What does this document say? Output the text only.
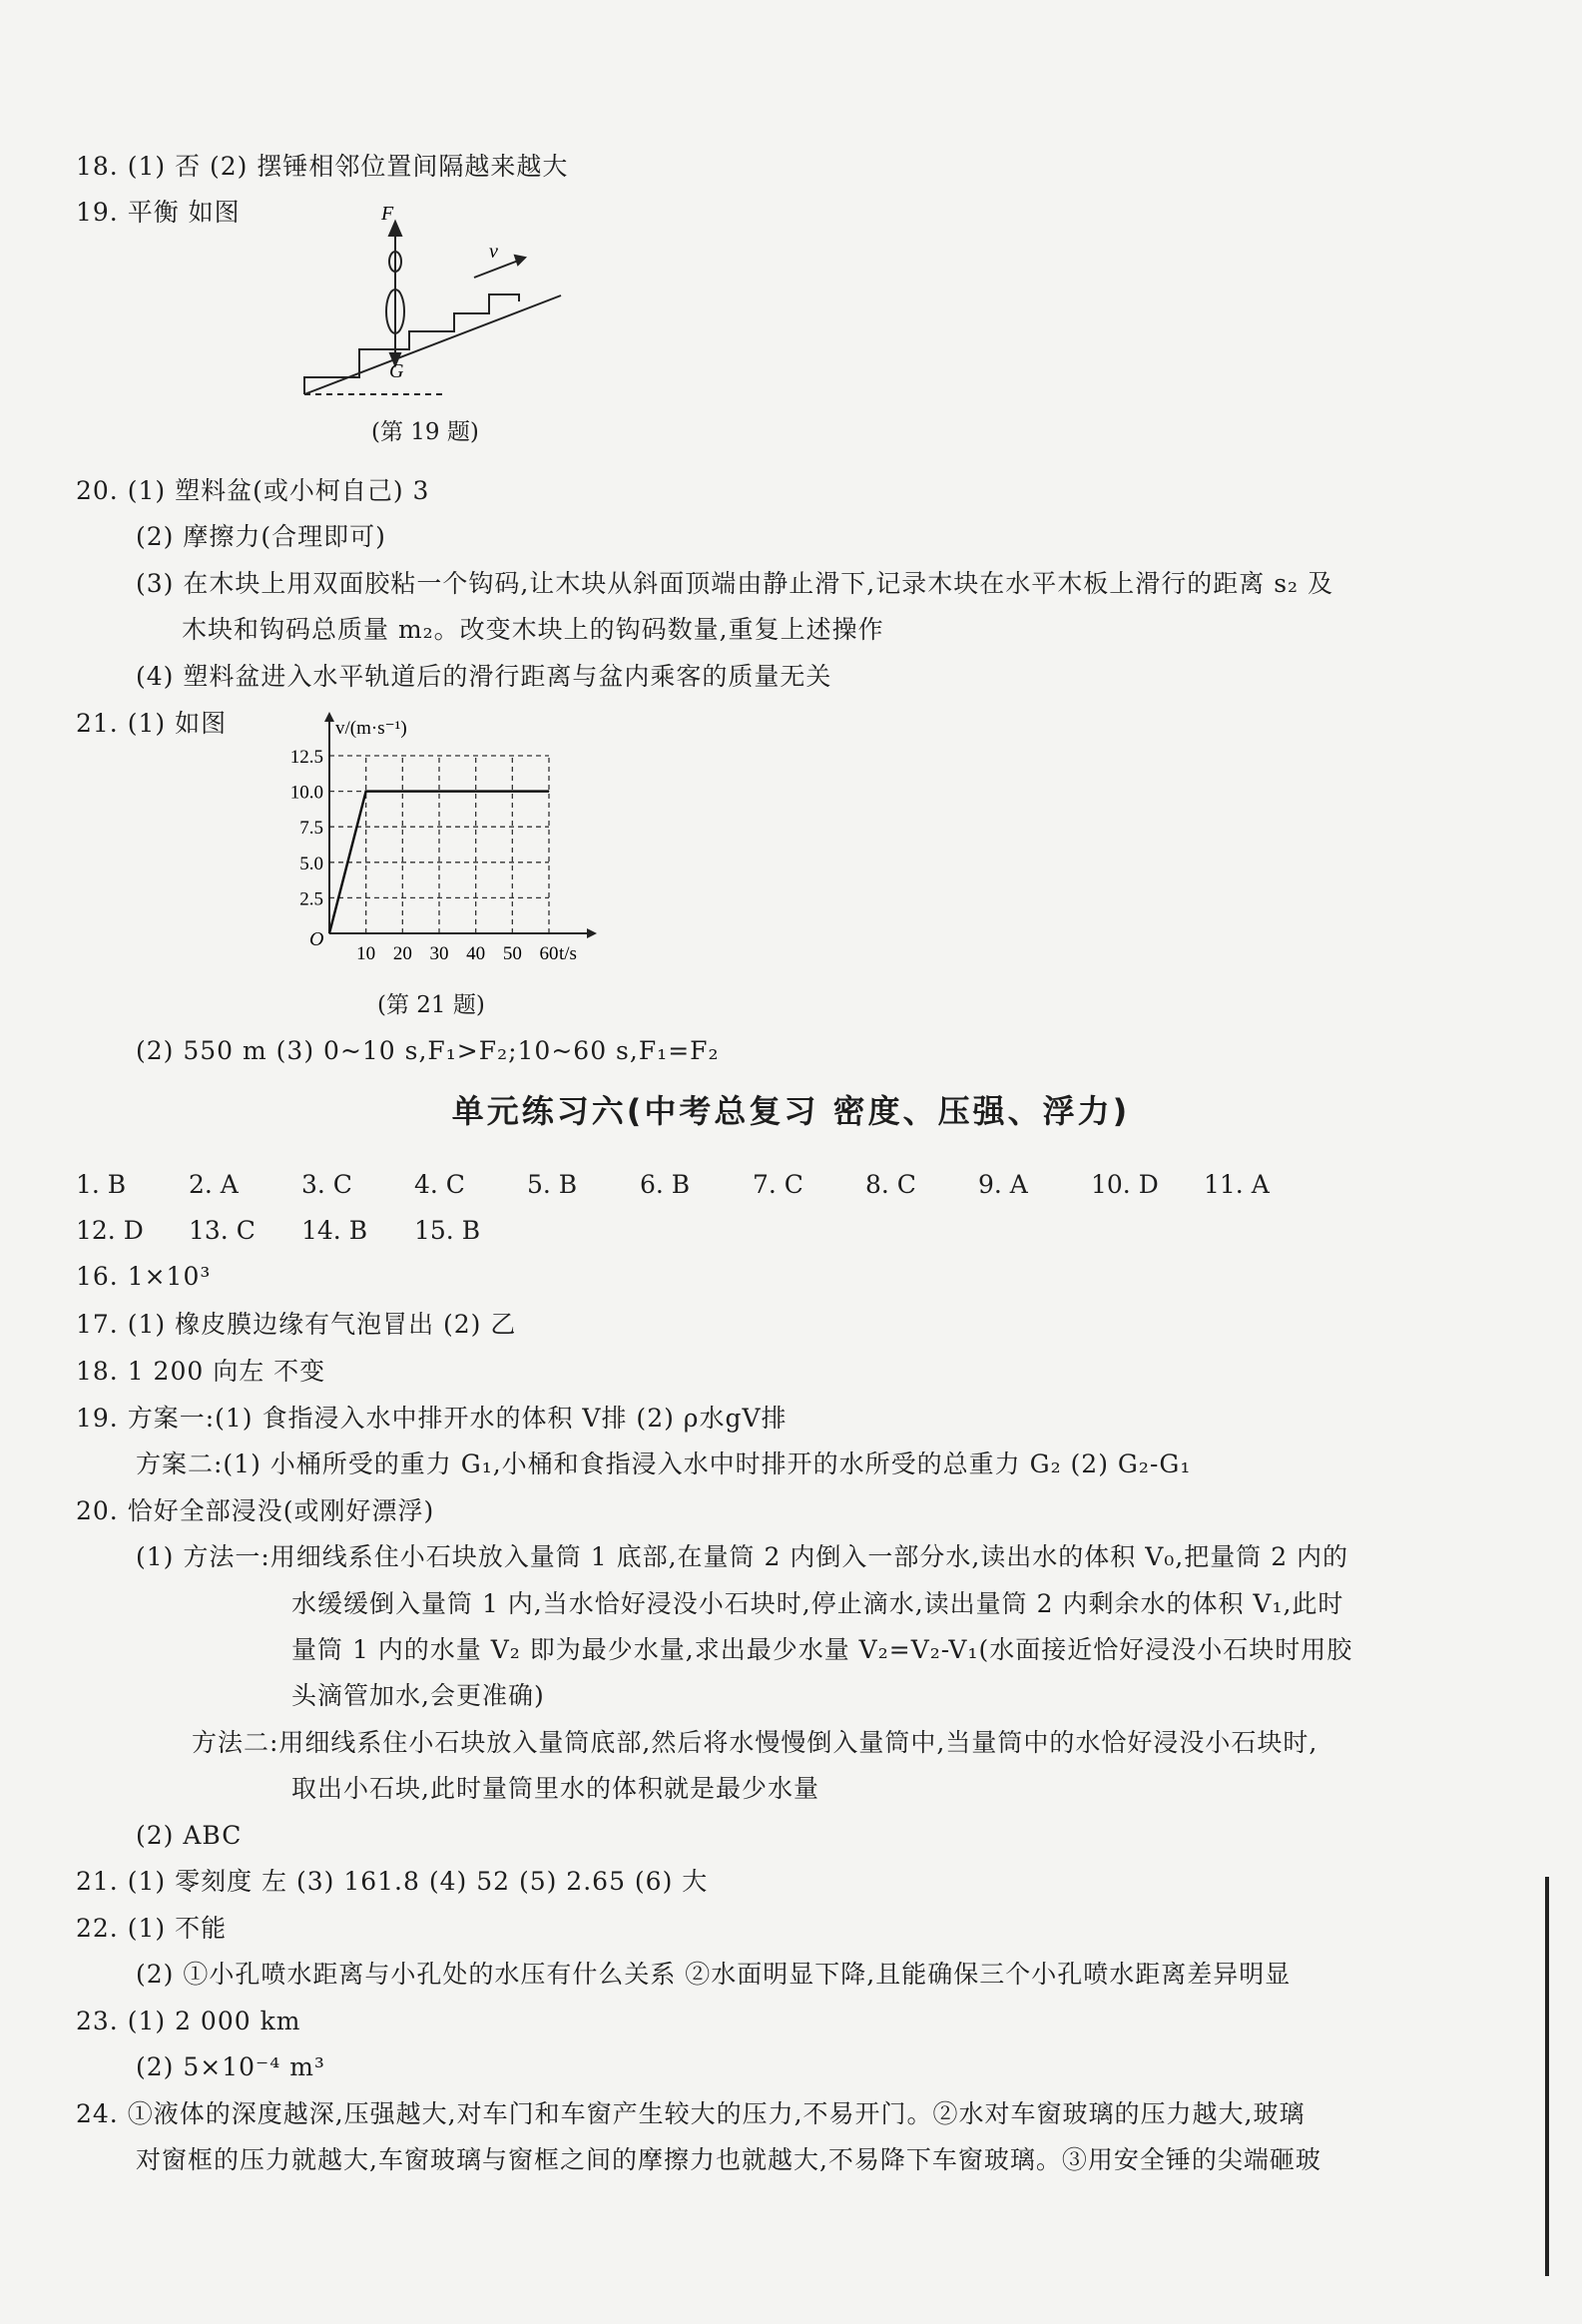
18. (1) 否 (2) 摆锤相邻位置间隔越来越大
19. 平衡 如图	F
G
v
(第 19 题)
20. (1) 塑料盆(或小柯自己) 3
(2) 摩擦力(合理即可)
(3) 在木块上用双面胶粘一个钩码,让木块从斜面顶端由静止滑下,记录木块在水平木板上滑行的距离 s₂ 及
木块和钩码总质量 m₂。改变木块上的钩码数量,重复上述操作
(4) 塑料盆进入水平轨道后的滑行距离与盆内乘客的质量无关
21. (1) 如图
10 20 30 40 50 60
2.5
5.0
7.5
10.0
12.5
O
t/s
v/(m·s⁻¹)
(第 21 题)
(2) 550 m (3) 0~10 s,F₁>F₂;10~60 s,F₁=F₂
单元练习六(中考总复习 密度、压强、浮力)
1. B	2. A	3. C 4. C 5. B	6. B	7. C 8. C 9. A	10. D 11. A
12. D 13. C 14. B 15. B
16. 1×10³
17. (1) 橡皮膜边缘有气泡冒出 (2) 乙
18. 1 200 向左 不变
19. 方案一:(1) 食指浸入水中排开水的体积 V排 (2) ρ水gV排
方案二:(1) 小桶所受的重力 G₁,小桶和食指浸入水中时排开的水所受的总重力 G₂ (2) G₂-G₁
20. 恰好全部浸没(或刚好漂浮)
(1) 方法一:用细线系住小石块放入量筒 1 底部,在量筒 2 内倒入一部分水,读出水的体积 V₀,把量筒 2 内的
水缓缓倒入量筒 1 内,当水恰好浸没小石块时,停止滴水,读出量筒 2 内剩余水的体积 V₁,此时
量筒 1 内的水量 V₂ 即为最少水量,求出最少水量 V₂=V₂-V₁(水面接近恰好浸没小石块时用胶
头滴管加水,会更准确)
方法二:用细线系住小石块放入量筒底部,然后将水慢慢倒入量筒中,当量筒中的水恰好浸没小石块时,
取出小石块,此时量筒里水的体积就是最少水量
(2) ABC
21. (1) 零刻度 左 (3) 161.8 (4) 52 (5) 2.65 (6) 大
22. (1) 不能
(2) ①小孔喷水距离与小孔处的水压有什么关系 ②水面明显下降,且能确保三个小孔喷水距离差异明显
23. (1) 2 000 km
(2) 5×10⁻⁴ m³
24. ①液体的深度越深,压强越大,对车门和车窗产生较大的压力,不易开门。②水对车窗玻璃的压力越大,玻璃
对窗框的压力就越大,车窗玻璃与窗框之间的摩擦力也就越大,不易降下车窗玻璃。③用安全锤的尖端砸玻
